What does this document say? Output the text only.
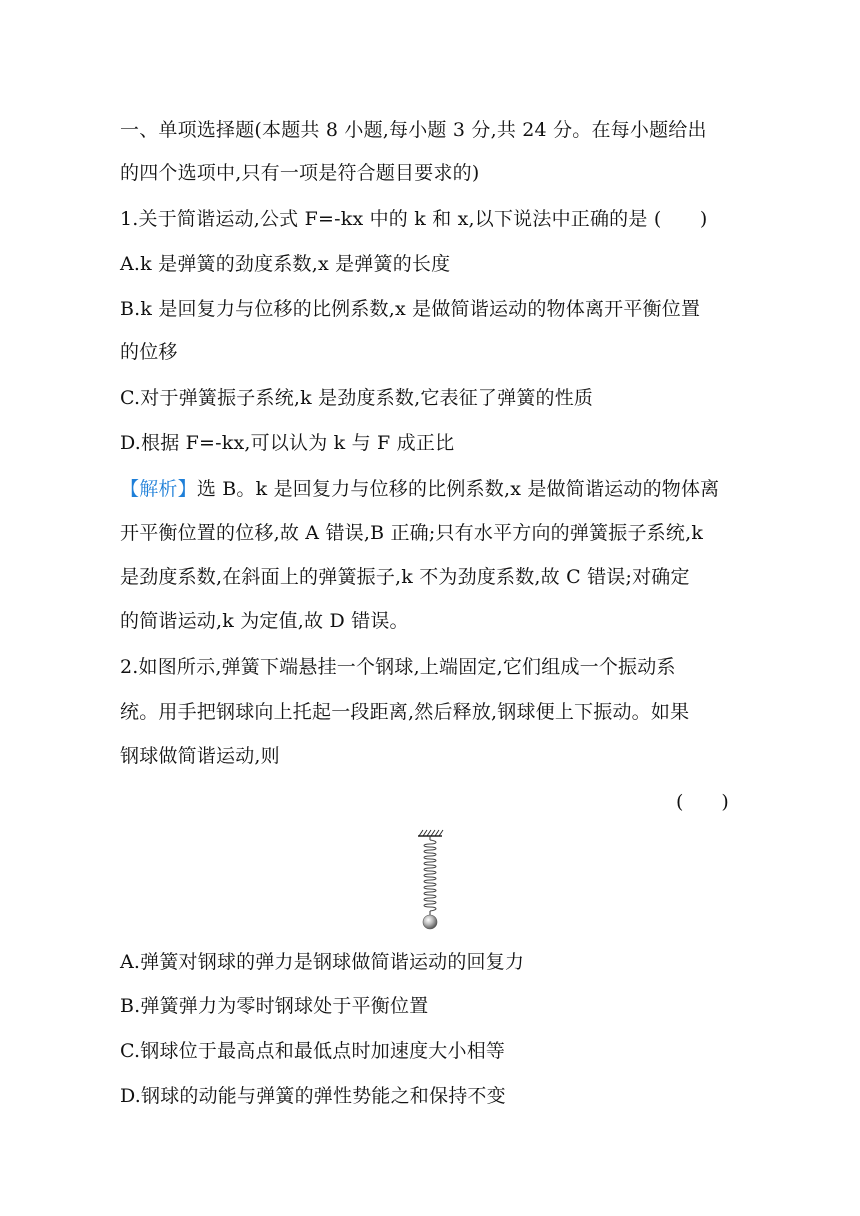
一、单项选择题(本题共 8 小题,每小题 3 分,共 24 分。在每小题给出
的四个选项中,只有一项是符合题目要求的)
1.关于简谐运动,公式 F=-kx 中的 k 和 x,以下说法中正确的是 (　　)
A.k 是弹簧的劲度系数,x 是弹簧的长度
B.k 是回复力与位移的比例系数,x 是做简谐运动的物体离开平衡位置
的位移
C.对于弹簧振子系统,k 是劲度系数,它表征了弹簧的性质
D.根据 F=-kx,可以认为 k 与 F 成正比
【解析】选 B。k 是回复力与位移的比例系数,x 是做简谐运动的物体离
开平衡位置的位移,故 A 错误,B 正确;只有水平方向的弹簧振子系统,k
是劲度系数,在斜面上的弹簧振子,k 不为劲度系数,故 C 错误;对确定
的简谐运动,k 为定值,故 D 错误。
2.如图所示,弹簧下端悬挂一个钢球,上端固定,它们组成一个振动系
统。用手把钢球向上托起一段距离,然后释放,钢球便上下振动。如果
钢球做简谐运动,则
(　　)
A.弹簧对钢球的弹力是钢球做简谐运动的回复力
B.弹簧弹力为零时钢球处于平衡位置
C.钢球位于最高点和最低点时加速度大小相等
D.钢球的动能与弹簧的弹性势能之和保持不变
